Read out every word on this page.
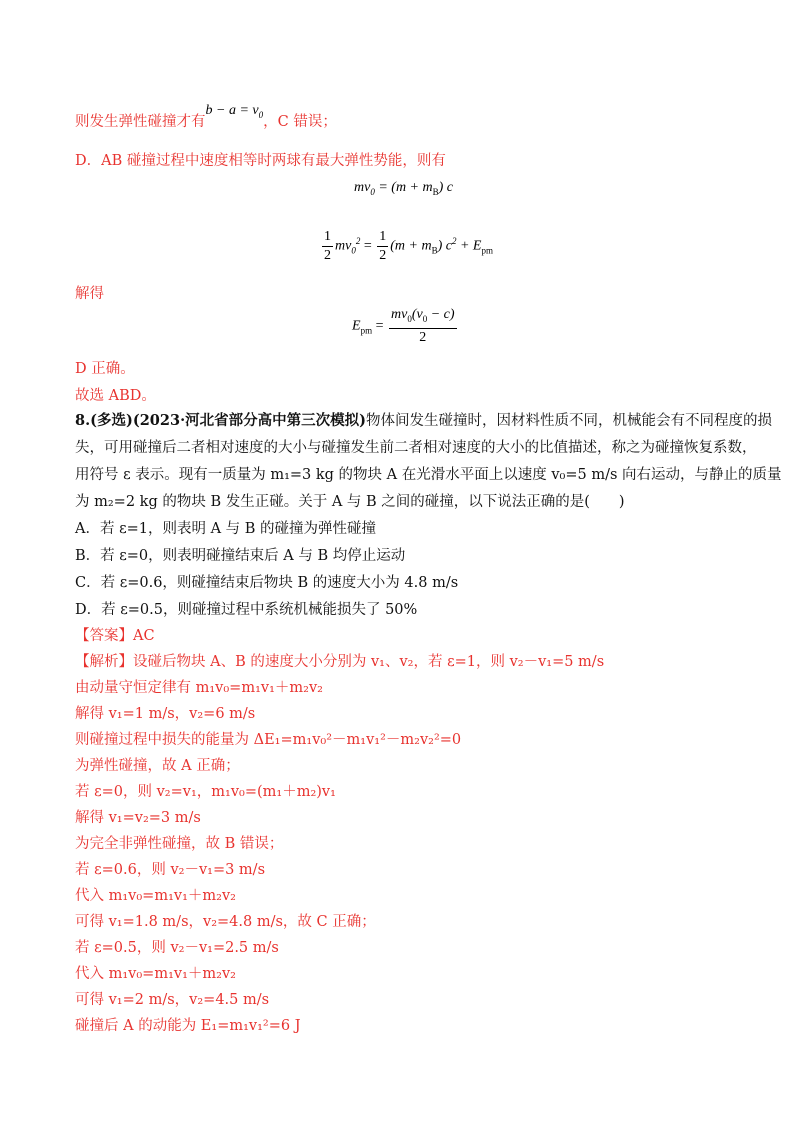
则发生弹性碰撞才有$b - a = v_0$，C 错误；
D．AB 碰撞过程中速度相等时两球有最大弹性势能，则有
$mv_0 = (m + m_B)$ c
$\frac{1}{2} mv_0^2 = \frac{1}{2} (m + m_B) c^2 + E_{pm}$
解得
$E_{pm} = \frac{mv_0(v_0 - c)}{2}$
D 正确。
故选 ABD。
8.(多选)(2023·河北省部分高中第三次模拟)物体间发生碰撞时，因材料性质不同，机械能会有不同程度的损
失，可用碰撞后二者相对速度的大小与碰撞发生前二者相对速度的大小的比值描述，称之为碰撞恢复系数，
用符号 ε 表示。现有一质量为 m₁=3 kg 的物块 A 在光滑水平面上以速度 v₀=5 m/s 向右运动，与静止的质量
为 m₂=2 kg 的物块 B 发生正碰。关于 A 与 B 之间的碰撞，以下说法正确的是(　　)
A．若 ε=1，则表明 A 与 B 的碰撞为弹性碰撞
B．若 ε=0，则表明碰撞结束后 A 与 B 均停止运动
C．若 ε=0.6，则碰撞结束后物块 B 的速度大小为 4.8 m/s
D．若 ε=0.5，则碰撞过程中系统机械能损失了 50%
【答案】AC
【解析】设碰后物块 A、B 的速度大小分别为 v₁、v₂，若 ε=1，则 v₂－v₁=5 m/s
由动量守恒定律有 m₁v₀=m₁v₁＋m₂v₂
解得 v₁=1 m/s，v₂=6 m/s
则碰撞过程中损失的能量为 ΔE₁=m₁v₀²－m₁v₁²－m₂v₂²=0
为弹性碰撞，故 A 正确；
若 ε=0，则 v₂=v₁，m₁v₀=(m₁＋m₂)v₁
解得 v₁=v₂=3 m/s
为完全非弹性碰撞，故 B 错误；
若 ε=0.6，则 v₂－v₁=3 m/s
代入 m₁v₀=m₁v₁＋m₂v₂
可得 v₁=1.8 m/s，v₂=4.8 m/s，故 C 正确；
若 ε=0.5，则 v₂－v₁=2.5 m/s
代入 m₁v₀=m₁v₁＋m₂v₂
可得 v₁=2 m/s，v₂=4.5 m/s
碰撞后 A 的动能为 E₁=m₁v₁²=6 J
